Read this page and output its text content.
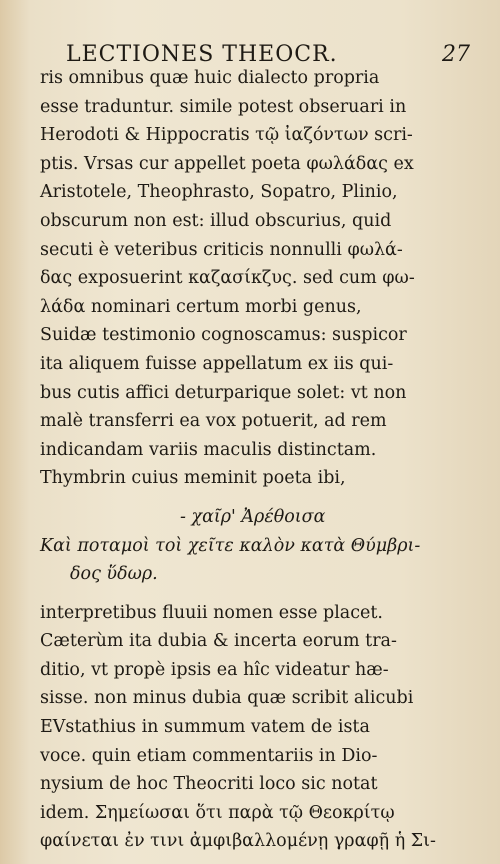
LECTIONES THEOCR.	27
ris omnibus quæ huic dialecto propria
esse traduntur. simile potest obseruari in
Herodoti & Hippocratis τῷ ἰαζόντων scri-
ptis. Vrsas cur appellet poeta φωλάδας ex
Aristotele, Theophrasto, Sopatro, Plinio,
obscurum non est: illud obscurius, quid
secuti è veteribus criticis nonnulli φωλά-
δας exposuerint καζασίκζυς. sed cum φω-
λάδα nominari certum morbi genus,
Suidæ testimonio cognoscamus: suspicor
ita aliquem fuisse appellatum ex iis qui-
bus cutis affici deturparique solet: vt non
malè transferri ea vox potuerit, ad rem
indicandam variis maculis distinctam.
Thymbrin cuius meminit poeta ibi,
- χαῖρ' Ἀρέθοισα
Καὶ ποταμοὶ τοὶ χεῖτε καλὸν κατὰ Θύμβρι-
δος ὕδωρ.
interpretibus fluuii nomen esse placet.
Cæterùm ita dubia & incerta eorum tra-
ditio, vt propè ipsis ea hîc videatur hæ-
sisse. non minus dubia quæ scribit alicubi
EVstathius in summum vatem de ista
voce. quin etiam commentariis in Dio-
nysium de hoc Theocriti loco sic notat
idem. Σημείωσαι ὅτι παρὰ τῷ Θεοκρίτῳ
φαίνεται ἐν τινι ἀμφιβαλλομένῃ γραφῇ ἡ Σι-
